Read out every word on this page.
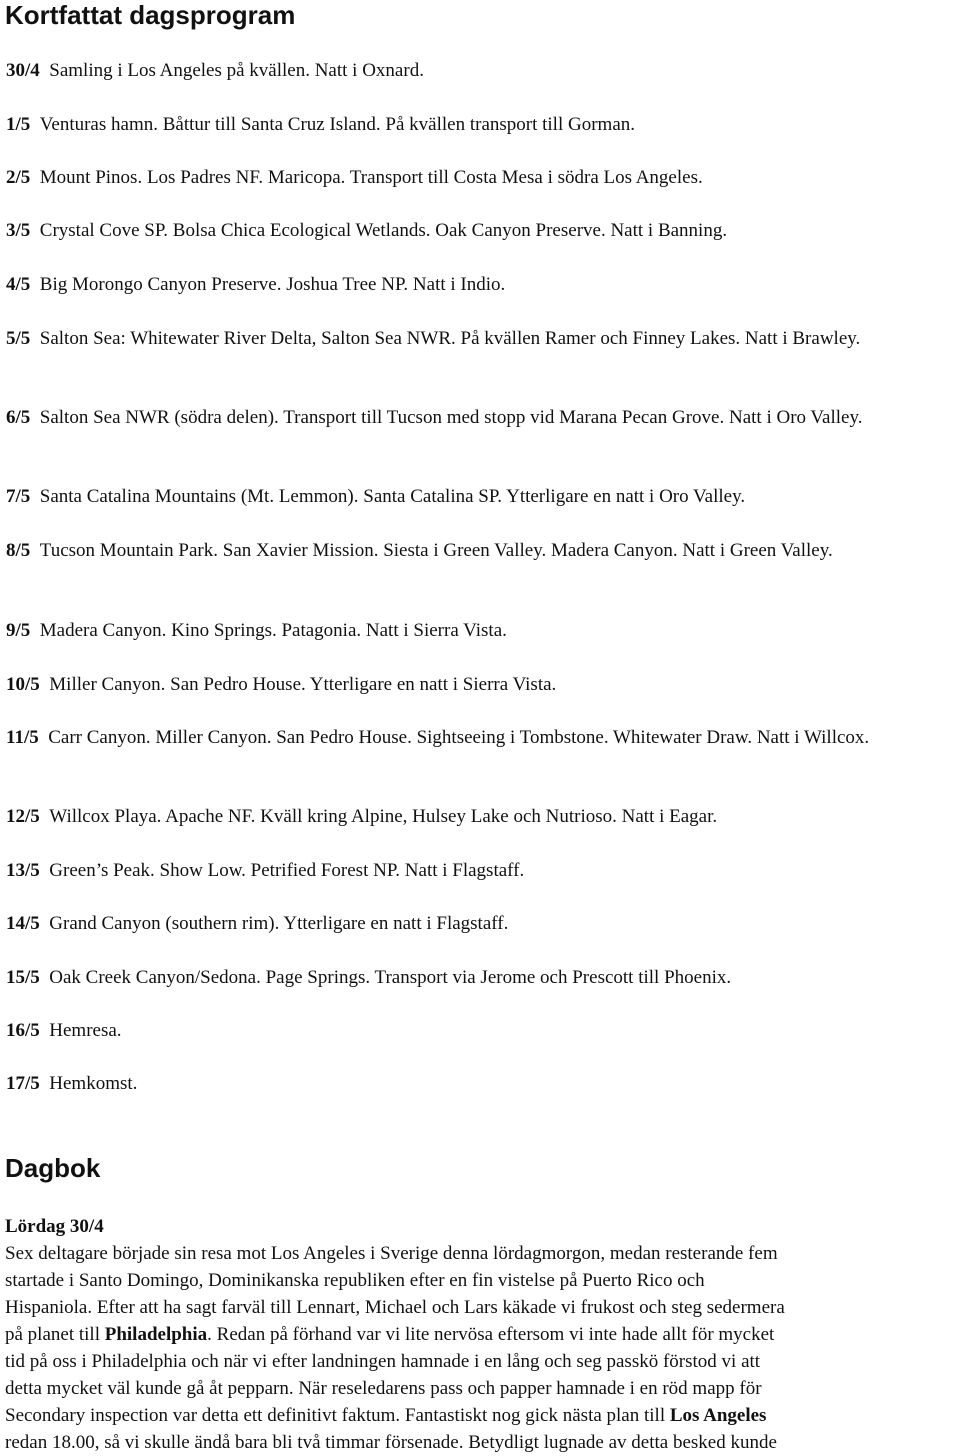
Kortfattat dagsprogram
30/4 Samling i Los Angeles på kvällen. Natt i Oxnard.
1/5 Venturas hamn. Båttur till Santa Cruz Island. På kvällen transport till Gorman.
2/5 Mount Pinos. Los Padres NF. Maricopa. Transport till Costa Mesa i södra Los Angeles.
3/5 Crystal Cove SP. Bolsa Chica Ecological Wetlands. Oak Canyon Preserve. Natt i Banning.
4/5 Big Morongo Canyon Preserve. Joshua Tree NP. Natt i Indio.
5/5 Salton Sea: Whitewater River Delta, Salton Sea NWR. På kvällen Ramer och Finney Lakes. Natt i Brawley.
6/5 Salton Sea NWR (södra delen). Transport till Tucson med stopp vid Marana Pecan Grove. Natt i Oro Valley.
7/5 Santa Catalina Mountains (Mt. Lemmon). Santa Catalina SP. Ytterligare en natt i Oro Valley.
8/5 Tucson Mountain Park. San Xavier Mission. Siesta i Green Valley. Madera Canyon. Natt i Green Valley.
9/5 Madera Canyon. Kino Springs. Patagonia. Natt i Sierra Vista.
10/5 Miller Canyon. San Pedro House. Ytterligare en natt i Sierra Vista.
11/5 Carr Canyon. Miller Canyon. San Pedro House. Sightseeing i Tombstone. Whitewater Draw. Natt i Willcox.
12/5 Willcox Playa. Apache NF. Kväll kring Alpine, Hulsey Lake och Nutrioso. Natt i Eagar.
13/5 Green’s Peak. Show Low. Petrified Forest NP. Natt i Flagstaff.
14/5 Grand Canyon (southern rim). Ytterligare en natt i Flagstaff.
15/5 Oak Creek Canyon/Sedona. Page Springs. Transport via Jerome och Prescott till Phoenix.
16/5 Hemresa.
17/5 Hemkomst.
Dagbok
Lördag 30/4
Sex deltagare började sin resa mot Los Angeles i Sverige denna lördagmorgon, medan resterande fem
startade i Santo Domingo, Dominikanska republiken efter en fin vistelse på Puerto Rico och
Hispaniola. Efter att ha sagt farväl till Lennart, Michael och Lars käkade vi frukost och steg sedermera
på planet till Philadelphia. Redan på förhand var vi lite nervösa eftersom vi inte hade allt för mycket
tid på oss i Philadelphia och när vi efter landningen hamnade i en lång och seg passkö förstod vi att
detta mycket väl kunde gå åt pepparn. När reseledarens pass och papper hamnade i en röd mapp för
Secondary inspection var detta ett definitivt faktum. Fantastiskt nog gick nästa plan till Los Angeles
redan 18.00, så vi skulle ändå bara bli två timmar försenade. Betydligt lugnade av detta besked kunde
